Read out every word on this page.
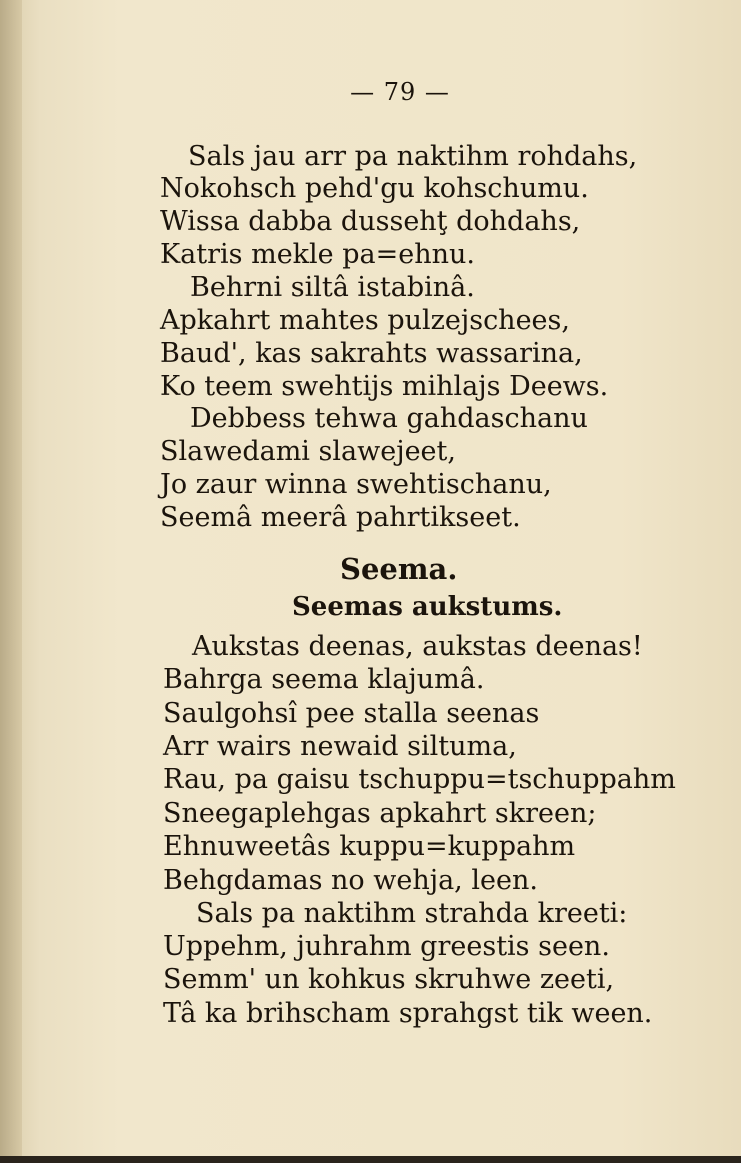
— 79 —
Sals jau arr pa naktihm rohdahs,
Nokohsch pehd'gu kohschumu.
Wissa dabba dussehţ dohdahs,
Katris mekle pa=ehnu.
Behrni siltâ istabinâ.
Apkahrt mahtes pulzejschees,
Baud', kas sakrahts wassarina,
Ko teem swehtijs mihlajs Deews.
Debbess tehwa gahdaschanu
Slawedami slawejeet,
Jo zaur winna swehtischanu,
Seemâ meerâ pahrtikseet.
Seema.
Seemas aukstums.
Aukstas deenas, aukstas deenas!
Bahrga seema klajumâ.
Saulgohsî pee stalla seenas
Arr wairs newaid siltuma,
Rau, pa gaisu tschuppu=tschuppahm
Sneegaplehgas apkahrt skreen;
Ehnuweetâs kuppu=kuppahm
Behgdamas no wehja, leen.
Sals pa naktihm strahda kreeti:
Uppehm, juhrahm greestis seen.
Semm' un kohkus skruhwe zeeti,
Tâ ka brihscham sprahgst tik ween.
